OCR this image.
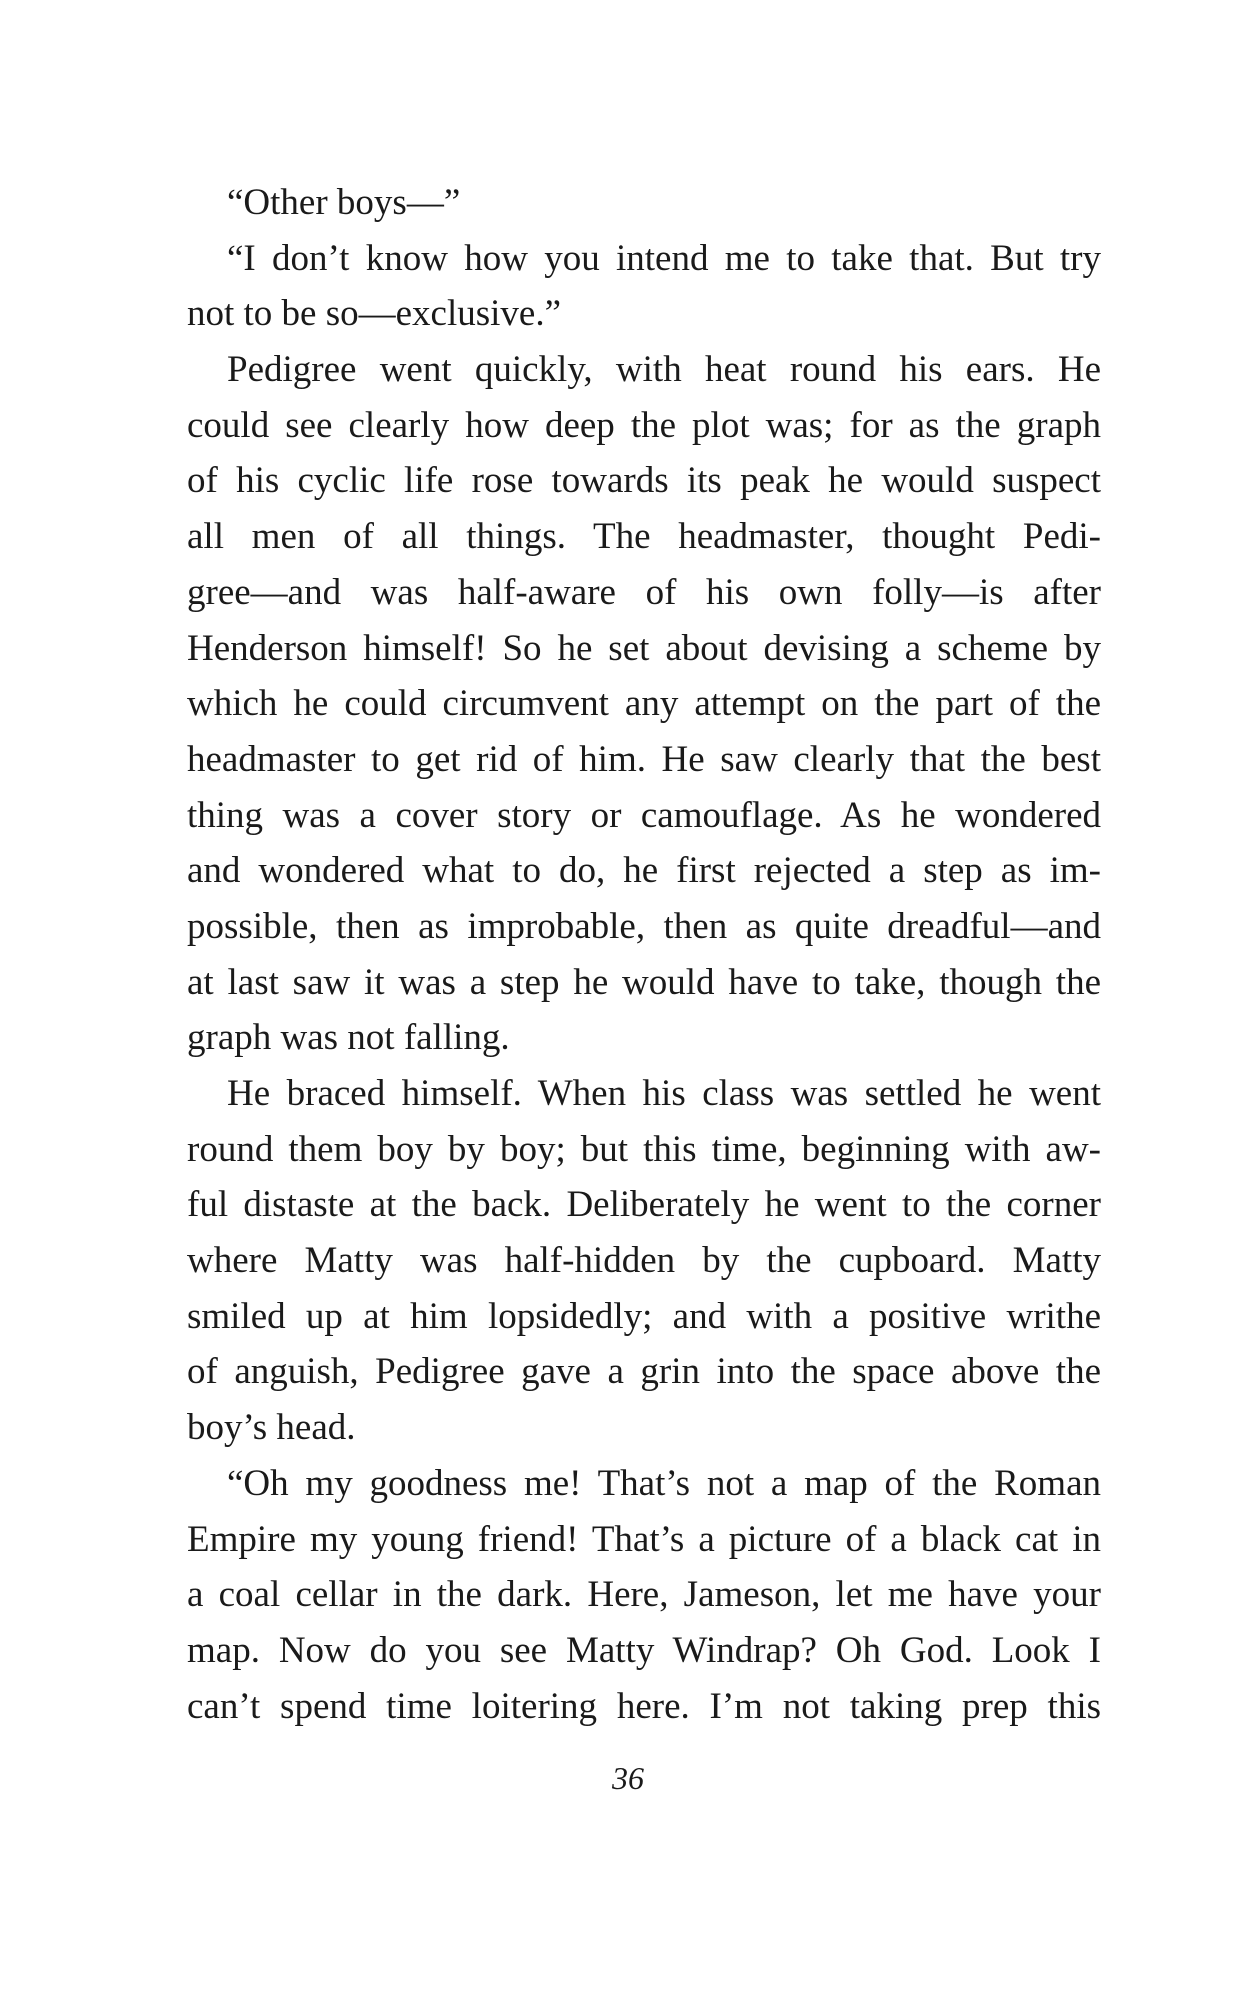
“Other boys—”
“I don’t know how you intend me to take that. But try
not to be so—exclusive.”
Pedigree went quickly, with heat round his ears. He
could see clearly how deep the plot was; for as the graph
of his cyclic life rose towards its peak he would suspect
all men of all things. The headmaster, thought Pedi-
gree—and was half-aware of his own folly—is after
Henderson himself! So he set about devising a scheme by
which he could circumvent any attempt on the part of the
headmaster to get rid of him. He saw clearly that the best
thing was a cover story or camouflage. As he wondered
and wondered what to do, he first rejected a step as im-
possible, then as improbable, then as quite dreadful—and
at last saw it was a step he would have to take, though the
graph was not falling.
He braced himself. When his class was settled he went
round them boy by boy; but this time, beginning with aw-
ful distaste at the back. Deliberately he went to the corner
where Matty was half-hidden by the cupboard. Matty
smiled up at him lopsidedly; and with a positive writhe
of anguish, Pedigree gave a grin into the space above the
boy’s head.
“Oh my goodness me! That’s not a map of the Roman
Empire my young friend! That’s a picture of a black cat in
a coal cellar in the dark. Here, Jameson, let me have your
map. Now do you see Matty Windrap? Oh God. Look I
can’t spend time loitering here. I’m not taking prep this
36
